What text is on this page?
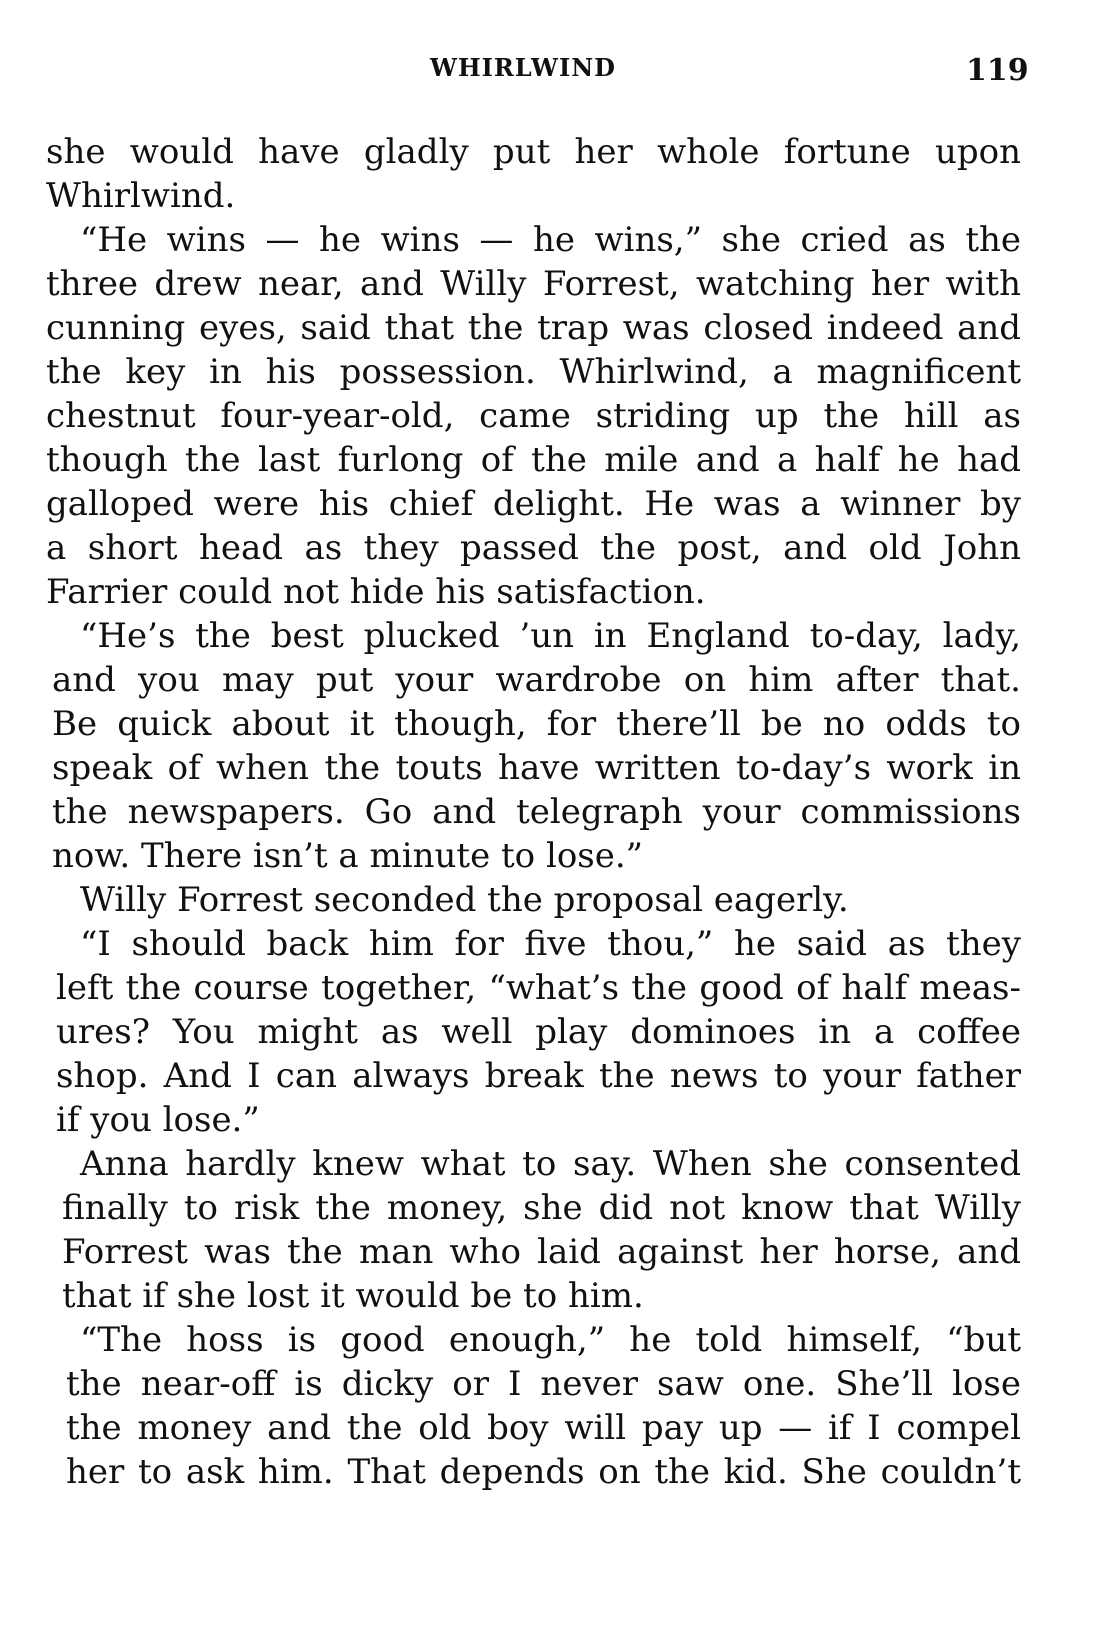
WHIRLWIND	119
she would have gladly put her whole fortune upon
Whirlwind.
“He wins — he wins — he wins,” she cried as the
three drew near, and Willy Forrest, watching her with
cunning eyes, said that the trap was closed indeed and
the key in his possession. Whirlwind, a magnificent
chestnut four-year-old, came striding up the hill as
though the last furlong of the mile and a half he had
galloped were his chief delight. He was a winner by
a short head as they passed the post, and old John
Farrier could not hide his satisfaction.
“He’s the best plucked ’un in England to-day, lady,
and you may put your wardrobe on him after that.
Be quick about it though, for there’ll be no odds to
speak of when the touts have written to-day’s work in
the newspapers. Go and telegraph your commissions
now. There isn’t a minute to lose.”
Willy Forrest seconded the proposal eagerly.
“I should back him for five thou,” he said as they
left the course together, “what’s the good of half meas-
ures? You might as well play dominoes in a coffee
shop. And I can always break the news to your father
if you lose.”
Anna hardly knew what to say. When she consented
finally to risk the money, she did not know that Willy
Forrest was the man who laid against her horse, and
that if she lost it would be to him.
“The hoss is good enough,” he told himself, “but
the near-off is dicky or I never saw one. She’ll lose
the money and the old boy will pay up — if I compel
her to ask him. That depends on the kid. She couldn’t
